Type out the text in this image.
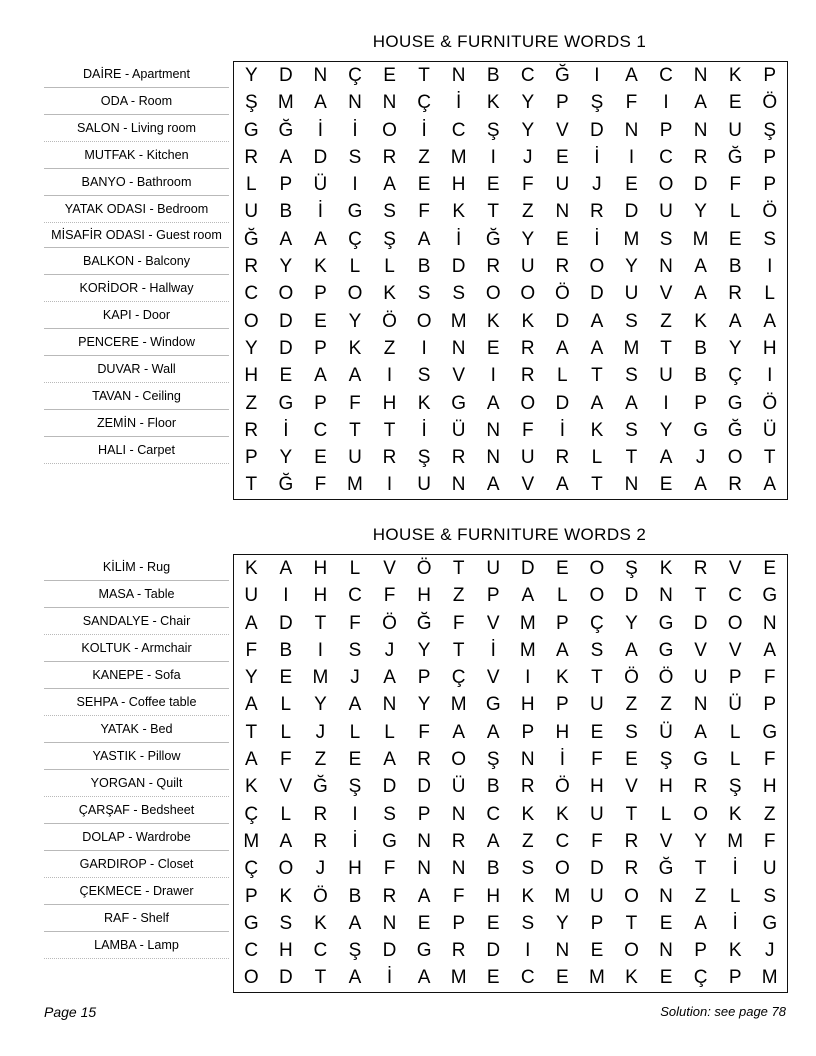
HOUSE & FURNITURE WORDS 1
DAİRE - Apartment
ODA - Room
SALON - Living room
MUTFAK - Kitchen
BANYO - Bathroom
YATAK ODASI - Bedroom
MİSAFİR ODASI - Guest room
BALKON - Balcony
KORİDOR - Hallway
KAPI - Door
PENCERE - Window
DUVAR - Wall
TAVAN - Ceiling
ZEMİN - Floor
HALI - Carpet
Y	D	N	Ç	E	T	N	B	C	Ğ	I	A	C	N	K	P
Ş	M	A	N	N	Ç	İ	K	Y	P	Ş	F	I	A	E	Ö
G	Ğ	İ	İ	O	İ	C	Ş	Y	V	D	N	P	N	U	Ş
R	A	D	S	R	Z	M	I	J	E	İ	I	C	R	Ğ	P
L	P	Ü	I	A	E	H	E	F	U	J	E	O	D	F	P
U	B	İ	G	S	F	K	T	Z	N	R	D	U	Y	L	Ö
Ğ	A	A	Ç	Ş	A	İ	Ğ	Y	E	İ	M	S	M	E	S
R	Y	K	L	L	B	D	R	U	R	O	Y	N	A	B	I
C	O	P	O	K	S	S	O	O	Ö	D	U	V	A	R	L
O	D	E	Y	Ö	O	M	K	K	D	A	S	Z	K	A	A
Y	D	P	K	Z	I	N	E	R	A	A	M	T	B	Y	H
H	E	A	A	I	S	V	I	R	L	T	S	U	B	Ç	I
Z	G	P	F	H	K	G	A	O	D	A	A	I	P	G	Ö
R	İ	C	T	T	İ	Ü	N	F	İ	K	S	Y	G	Ğ	Ü
P	Y	E	U	R	Ş	R	N	U	R	L	T	A	J	O	T
T	Ğ	F	M	I	U	N	A	V	A	T	N	E	A	R	A
HOUSE & FURNITURE WORDS 2
KİLİM - Rug
MASA - Table
SANDALYE - Chair
KOLTUK - Armchair
KANEPE - Sofa
SEHPA - Coffee table
YATAK - Bed
YASTIK - Pillow
YORGAN - Quilt
ÇARŞAF - Bedsheet
DOLAP - Wardrobe
GARDIROP - Closet
ÇEKMECE - Drawer
RAF - Shelf
LAMBA - Lamp
K	A	H	L	V	Ö	T	U	D	E	O	Ş	K	R	V	E
U	I	H	C	F	H	Z	P	A	L	O	D	N	T	C	G
A	D	T	F	Ö	Ğ	F	V	M	P	Ç	Y	G	D	O	N
F	B	I	S	J	Y	T	İ	M	A	S	A	G	V	V	A
Y	E	M	J	A	P	Ç	V	I	K	T	Ö	Ö	U	P	F
A	L	Y	A	N	Y	M	G	H	P	U	Z	Z	N	Ü	P
T	L	J	L	L	F	A	A	P	H	E	S	Ü	A	L	G
A	F	Z	E	A	R	O	Ş	N	İ	F	E	Ş	G	L	F
K	V	Ğ	Ş	D	D	Ü	B	R	Ö	H	V	H	R	Ş	H
Ç	L	R	I	S	P	N	C	K	K	U	T	L	O	K	Z
M	A	R	İ	G	N	R	A	Z	C	F	R	V	Y	M	F
Ç	O	J	H	F	N	N	B	S	O	D	R	Ğ	T	İ	U
P	K	Ö	B	R	A	F	H	K	M	U	O	N	Z	L	S
G	S	K	A	N	E	P	E	S	Y	P	T	E	A	İ	G
C	H	C	Ş	D	G	R	D	I	N	E	O	N	P	K	J
O	D	T	A	İ	A	M	E	C	E	M	K	E	Ç	P	M
Page 15	Solution: see page 78
